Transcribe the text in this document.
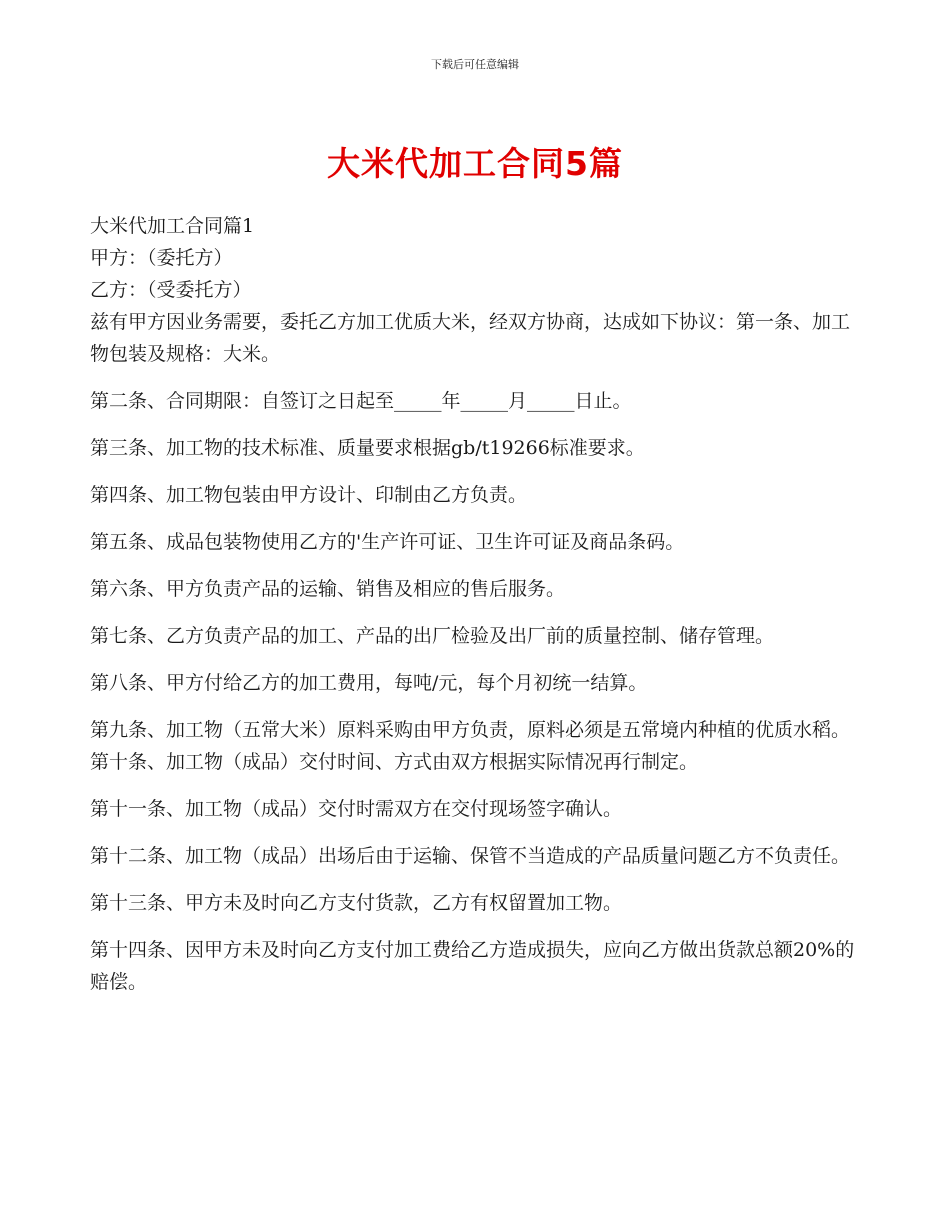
下载后可任意编辑
大米代加工合同5篇

大米代加工合同篇1

甲方：（委托方）

乙方：（受委托方）

兹有甲方因业务需要，委托乙方加工优质大米，经双方协商，达成如下协议：第一条、加工物包装及规格：大米。

第二条、合同期限：自签订之日起至_____年_____月_____日止。

第三条、加工物的技术标准、质量要求根据gb/t19266标准要求。

第四条、加工物包装由甲方设计、印制由乙方负责。

第五条、成品包装物使用乙方的'生产许可证、卫生许可证及商品条码。

第六条、甲方负责产品的运输、销售及相应的售后服务。

第七条、乙方负责产品的加工、产品的出厂检验及出厂前的质量控制、储存管理。

第八条、甲方付给乙方的加工费用，每吨/元，每个月初统一结算。

第九条、加工物（五常大米）原料采购由甲方负责，原料必须是五常境内种植的优质水稻。第十条、加工物（成品）交付时间、方式由双方根据实际情况再行制定。

第十一条、加工物（成品）交付时需双方在交付现场签字确认。

第十二条、加工物（成品）出场后由于运输、保管不当造成的产品质量问题乙方不负责任。

第十三条、甲方未及时向乙方支付货款，乙方有权留置加工物。

第十四条、因甲方未及时向乙方支付加工费给乙方造成损失，应向乙方做出货款总额20%的赔偿。
